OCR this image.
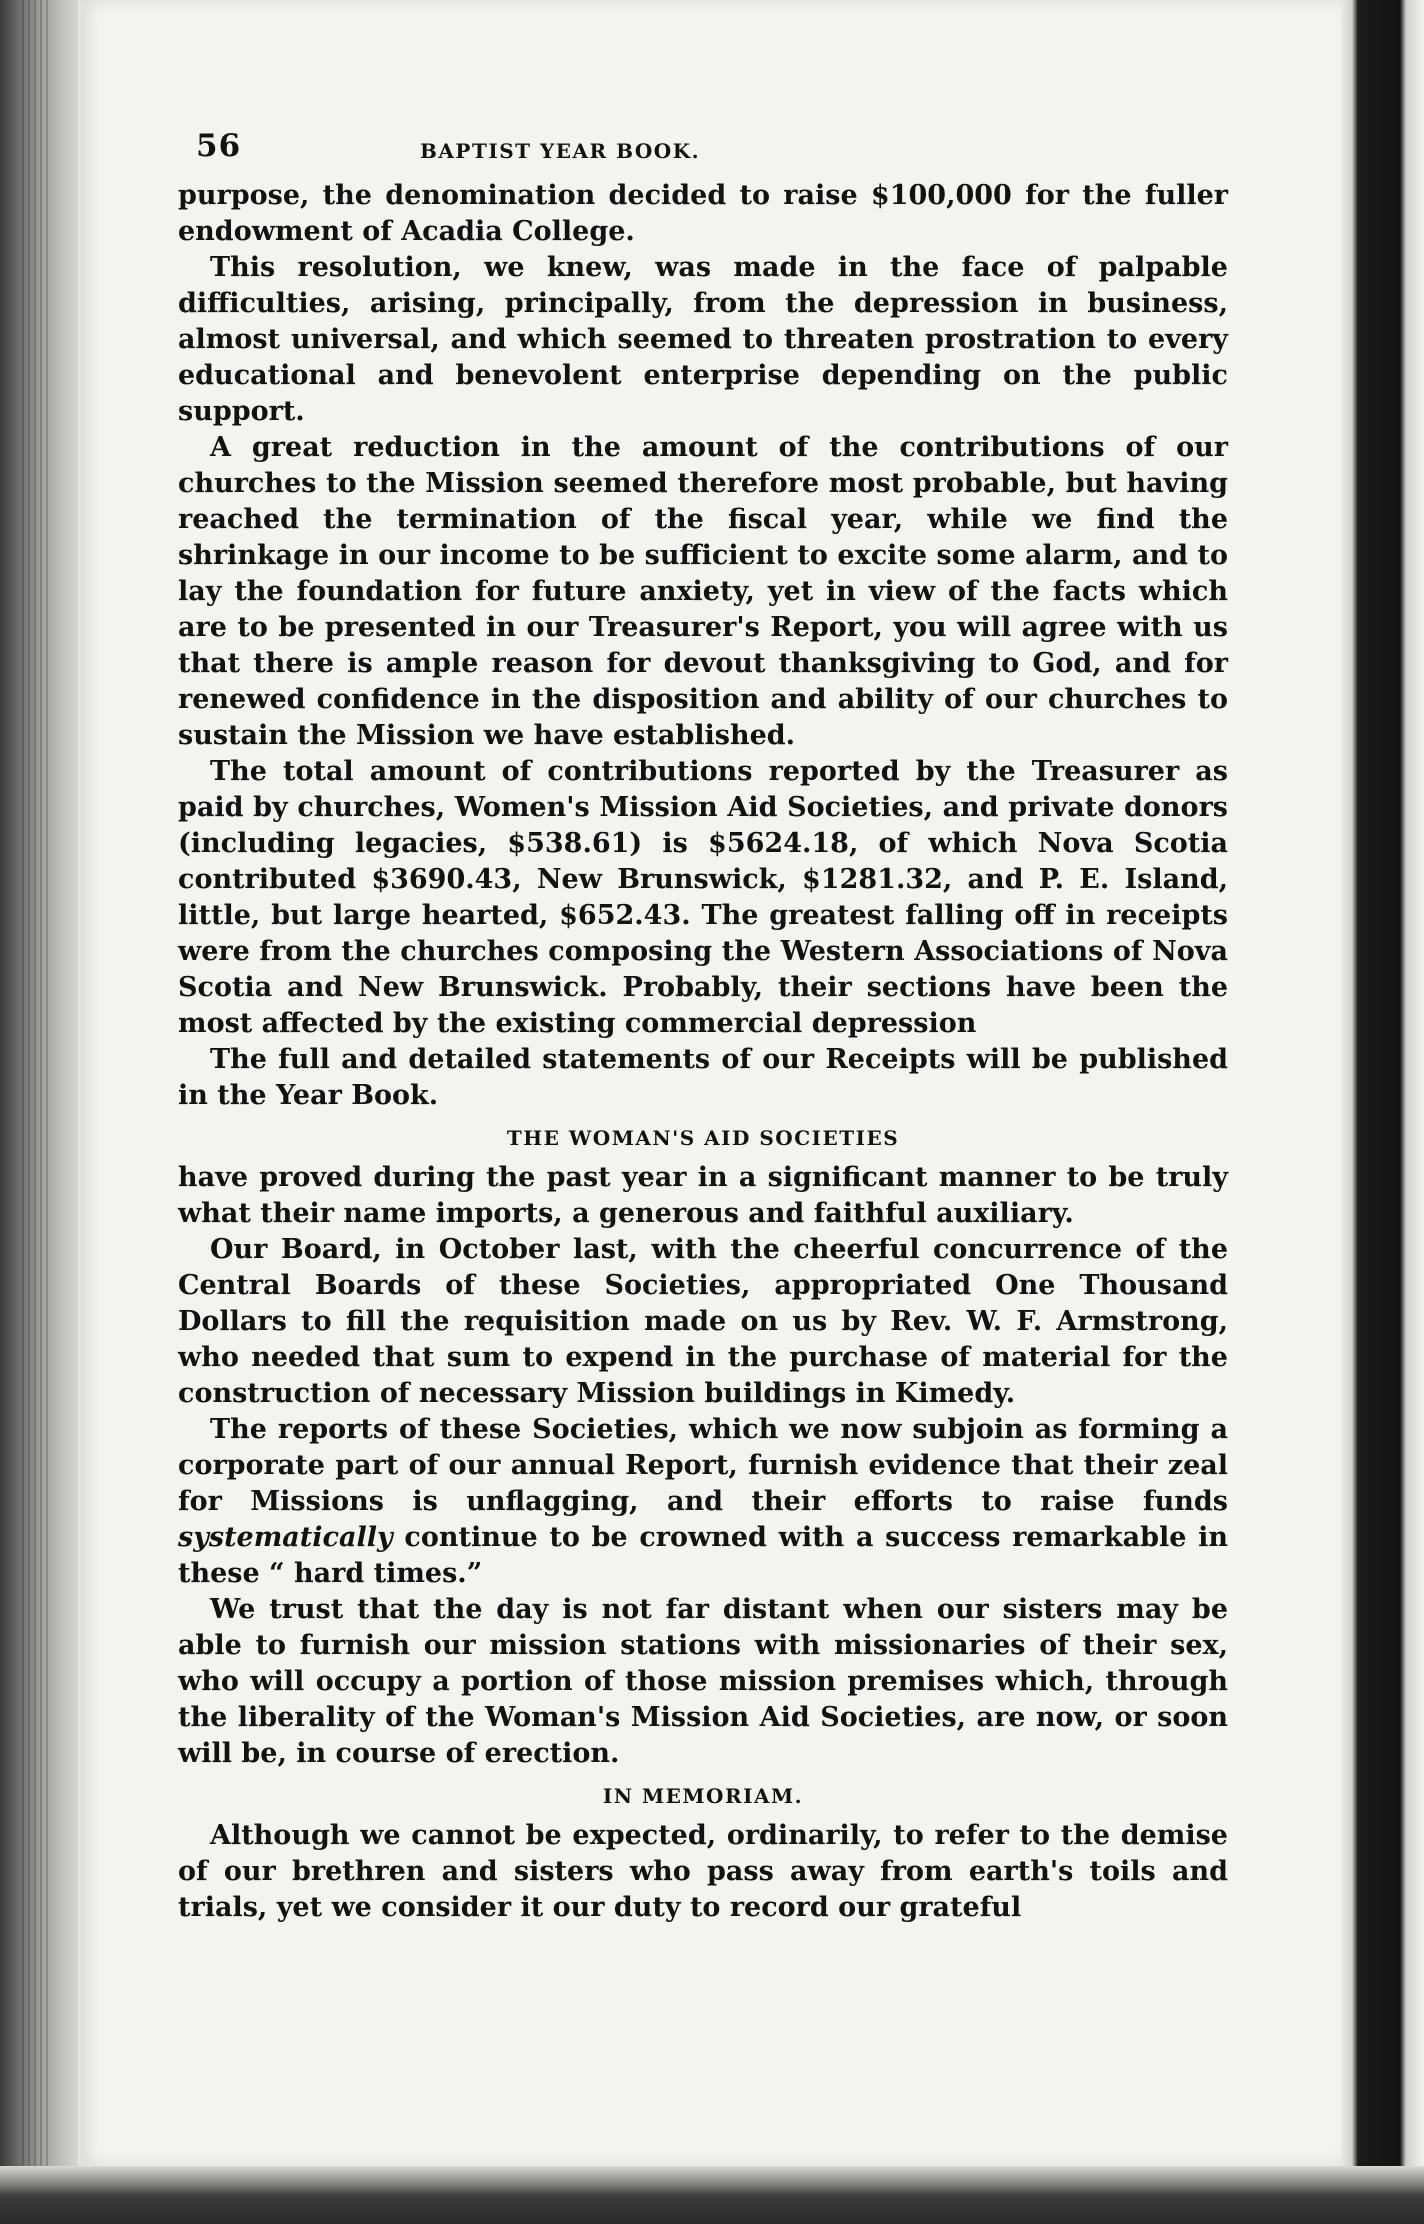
56	BAPTIST YEAR BOOK.

purpose, the denomination decided to raise $100,000 for the fuller endowment of Acadia College.

This resolution, we knew, was made in the face of palpable difficulties, arising, principally, from the depression in business, almost universal, and which seemed to threaten prostration to every educational and benevolent enterprise depending on the public support.

A great reduction in the amount of the contributions of our churches to the Mission seemed therefore most probable, but having reached the termination of the fiscal year, while we find the shrinkage in our income to be sufficient to excite some alarm, and to lay the foundation for future anxiety, yet in view of the facts which are to be presented in our Treasurer's Report, you will agree with us that there is ample reason for devout thanksgiving to God, and for renewed confidence in the disposition and ability of our churches to sustain the Mission we have established.

The total amount of contributions reported by the Treasurer as paid by churches, Women's Mission Aid Societies, and private donors (including legacies, $538.61) is $5624.18, of which Nova Scotia contributed $3690.43, New Brunswick, $1281.32, and P. E. Island, little, but large hearted, $652.43. The greatest falling off in receipts were from the churches composing the Western Associations of Nova Scotia and New Brunswick. Probably, their sections have been the most affected by the existing commercial depression

The full and detailed statements of our Receipts will be published in the Year Book.

THE WOMAN'S AID SOCIETIES

have proved during the past year in a significant manner to be truly what their name imports, a generous and faithful auxiliary.

Our Board, in October last, with the cheerful concurrence of the Central Boards of these Societies, appropriated One Thousand Dollars to fill the requisition made on us by Rev. W. F. Armstrong, who needed that sum to expend in the purchase of material for the construction of necessary Mission buildings in Kimedy.

The reports of these Societies, which we now subjoin as forming a corporate part of our annual Report, furnish evidence that their zeal for Missions is unflagging, and their efforts to raise funds systematically continue to be crowned with a success remarkable in these “ hard times.”

We trust that the day is not far distant when our sisters may be able to furnish our mission stations with missionaries of their sex, who will occupy a portion of those mission premises which, through the liberality of the Woman's Mission Aid Societies, are now, or soon will be, in course of erection.

IN MEMORIAM.

Although we cannot be expected, ordinarily, to refer to the demise of our brethren and sisters who pass away from earth's toils and trials, yet we consider it our duty to record our grateful
